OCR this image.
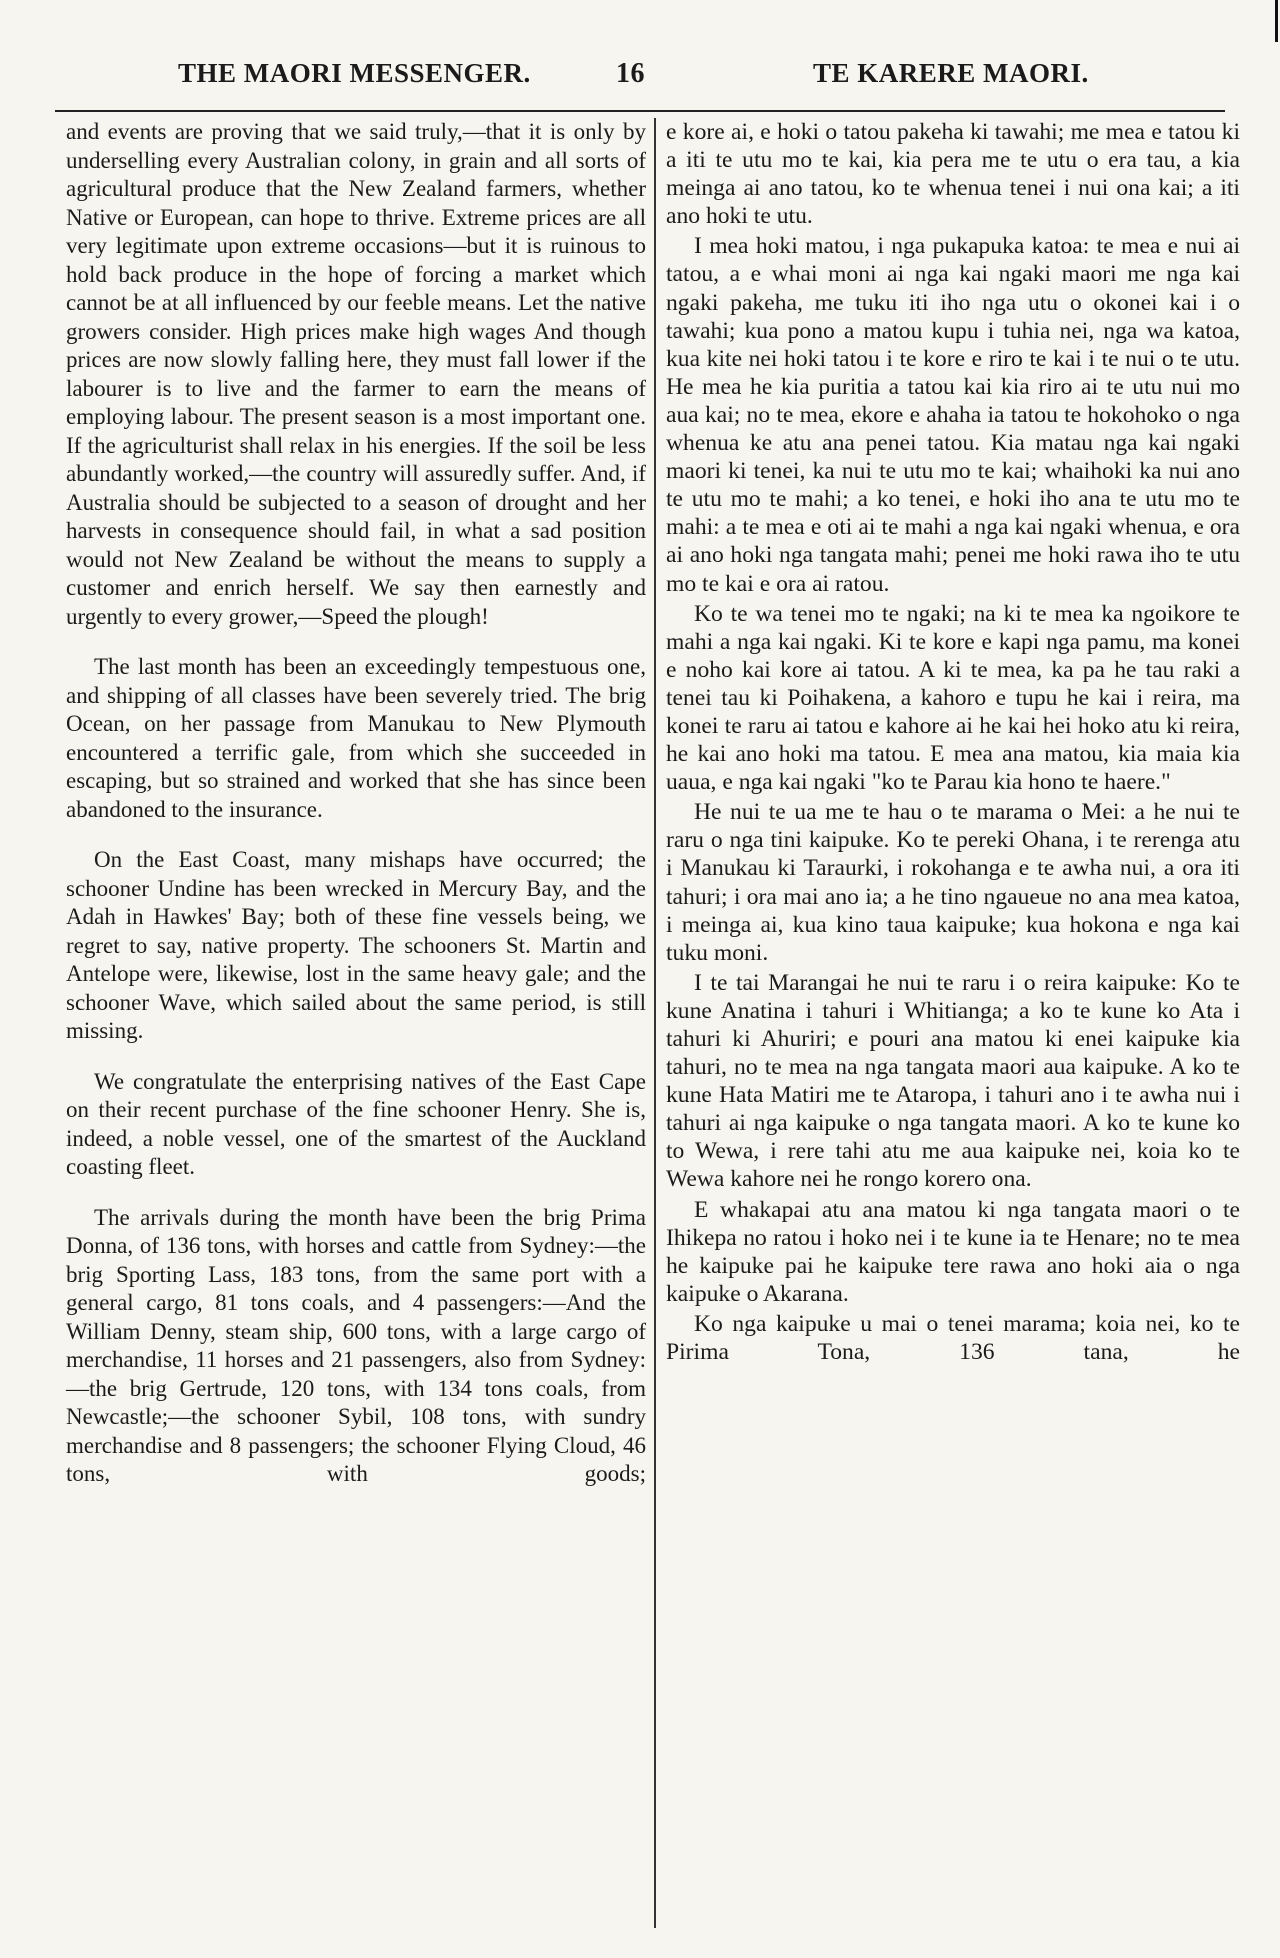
THE MAORI MESSENGER.	16	TE KARERE MAORI.

and events are proving that we said truly,—that it is only by underselling every Australian colony, in grain and all sorts of agricultural produce that the New Zealand farmers, whether Native or European, can hope to thrive. Extreme prices are all very legitimate upon extreme occasions—but it is ruinous to hold back produce in the hope of forcing a market which cannot be at all influenced by our feeble means. Let the native growers consider. High prices make high wages And though prices are now slowly falling here, they must fall lower if the labourer is to live and the farmer to earn the means of employing labour. The present season is a most important one. If the agriculturist shall relax in his energies. If the soil be less abundantly worked,—the country will assuredly suffer. And, if Australia should be subjected to a season of drought and her harvests in consequence should fail, in what a sad position would not New Zealand be without the means to supply a customer and enrich herself. We say then earnestly and urgently to every grower,—Speed the plough!

The last month has been an exceedingly tempestuous one, and shipping of all classes have been severely tried. The brig Ocean, on her passage from Manukau to New Plymouth encountered a terrific gale, from which she succeeded in escaping, but so strained and worked that she has since been abandoned to the insurance.

On the East Coast, many mishaps have occurred; the schooner Undine has been wrecked in Mercury Bay, and the Adah in Hawkes' Bay; both of these fine vessels being, we regret to say, native property. The schooners St. Martin and Antelope were, likewise, lost in the same heavy gale; and the schooner Wave, which sailed about the same period, is still missing.

We congratulate the enterprising natives of the East Cape on their recent purchase of the fine schooner Henry. She is, indeed, a noble vessel, one of the smartest of the Auckland coasting fleet.

The arrivals during the month have been the brig Prima Donna, of 136 tons, with horses and cattle from Sydney:—the brig Sporting Lass, 183 tons, from the same port with a general cargo, 81 tons coals, and 4 passengers:—And the William Denny, steam ship, 600 tons, with a large cargo of merchandise, 11 horses and 21 passengers, also from Sydney:—the brig Gertrude, 120 tons, with 134 tons coals, from Newcastle;—the schooner Sybil, 108 tons, with sundry merchandise and 8 passengers; the schooner Flying Cloud, 46 tons, with goods;

e kore ai, e hoki o tatou pakeha ki tawahi; me mea e tatou ki a iti te utu mo te kai, kia pera me te utu o era tau, a kia meinga ai ano tatou, ko te whenua tenei i nui ona kai; a iti ano hoki te utu.

I mea hoki matou, i nga pukapuka katoa: te mea e nui ai tatou, a e whai moni ai nga kai ngaki maori me nga kai ngaki pakeha, me tuku iti iho nga utu o okonei kai i o tawahi; kua pono a matou kupu i tuhia nei, nga wa katoa, kua kite nei hoki tatou i te kore e riro te kai i te nui o te utu. He mea he kia puritia a tatou kai kia riro ai te utu nui mo aua kai; no te mea, ekore e ahaha ia tatou te hokohoko o nga whenua ke atu ana penei tatou. Kia matau nga kai ngaki maori ki tenei, ka nui te utu mo te kai; whaihoki ka nui ano te utu mo te mahi; a ko tenei, e hoki iho ana te utu mo te mahi: a te mea e oti ai te mahi a nga kai ngaki whenua, e ora ai ano hoki nga tangata mahi; penei me hoki rawa iho te utu mo te kai e ora ai ratou.

Ko te wa tenei mo te ngaki; na ki te mea ka ngoikore te mahi a nga kai ngaki. Ki te kore e kapi nga pamu, ma konei e noho kai kore ai tatou. A ki te mea, ka pa he tau raki a tenei tau ki Poihakena, a kahoro e tupu he kai i reira, ma konei te raru ai tatou e kahore ai he kai hei hoko atu ki reira, he kai ano hoki ma tatou. E mea ana matou, kia maia kia uaua, e nga kai ngaki "ko te Parau kia hono te haere."

He nui te ua me te hau o te marama o Mei: a he nui te raru o nga tini kaipuke. Ko te pereki Ohana, i te rerenga atu i Manukau ki Taraurki, i rokohanga e te awha nui, a ora iti tahuri; i ora mai ano ia; a he tino ngaueue no ana mea katoa, i meinga ai, kua kino taua kaipuke; kua hokona e nga kai tuku moni.

I te tai Marangai he nui te raru i o reira kaipuke: Ko te kune Anatina i tahuri i Whitianga; a ko te kune ko Ata i tahuri ki Ahuriri; e pouri ana matou ki enei kaipuke kia tahuri, no te mea na nga tangata maori aua kaipuke. A ko te kune Hata Matiri me te Ataropa, i tahuri ano i te awha nui i tahuri ai nga kaipuke o nga tangata maori. A ko te kune ko to Wewa, i rere tahi atu me aua kaipuke nei, koia ko te Wewa kahore nei he rongo korero ona.

E whakapai atu ana matou ki nga tangata maori o te Ihikepa no ratou i hoko nei i te kune ia te Henare; no te mea he kaipuke pai he kaipuke tere rawa ano hoki aia o nga kaipuke o Akarana.

Ko nga kaipuke u mai o tenei marama; koia nei, ko te Pirima Tona, 136 tana, he
